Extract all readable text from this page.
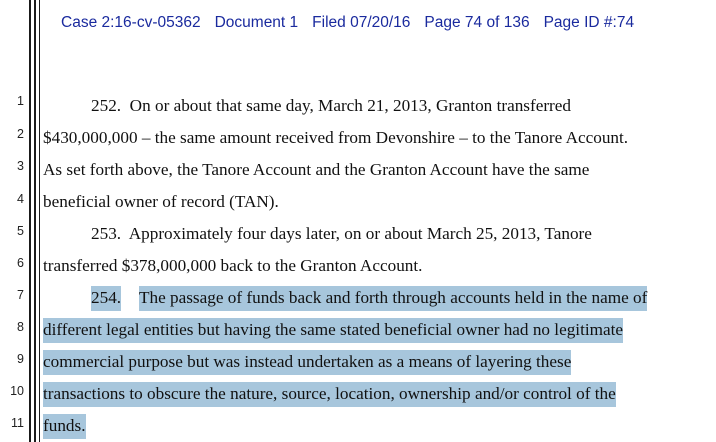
Case 2:16-cv-05362 Document 1 Filed 07/20/16 Page 74 of 136 Page ID #:74
1
2
3
4
5
6
7
8
9
10
11
252.  On or about that same day, March 21, 2013, Granton transferred
$430,000,000 – the same amount received from Devonshire – to the Tanore Account.
As set forth above, the Tanore Account and the Granton Account have the same
beneficial owner of record (TAN).
253.  Approximately four days later, on or about March 25, 2013, Tanore
transferred $378,000,000 back to the Granton Account.
254. The passage of funds back and forth through accounts held in the name of
different legal entities but having the same stated beneficial owner had no legitimate
commercial purpose but was instead undertaken as a means of layering these
transactions to obscure the nature, source, location, ownership and/or control of the
funds.
